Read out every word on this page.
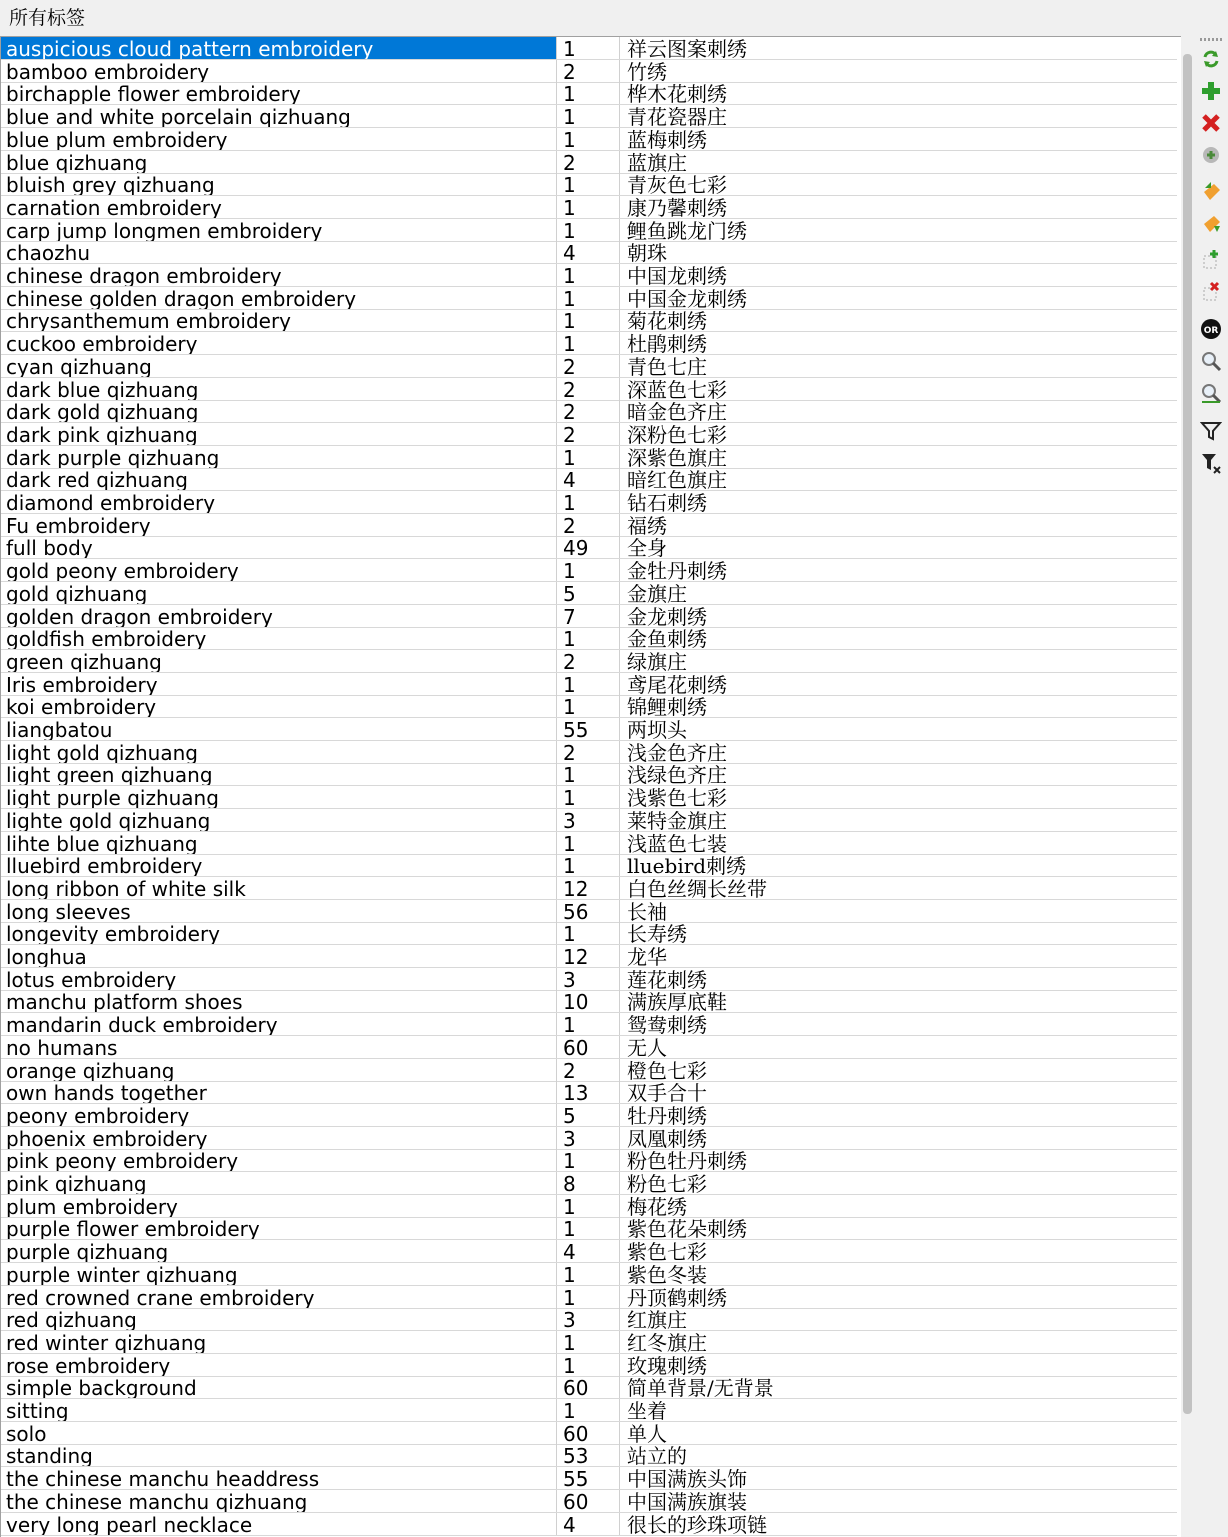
所有标签
auspicious cloud pattern embroidery	1	祥云图案刺绣
bamboo embroidery	2	竹绣
birchapple flower embroidery	1	桦木花刺绣
blue and white porcelain qizhuang	1	青花瓷器庄
blue plum embroidery	1	蓝梅刺绣
blue qizhuang	2	蓝旗庄
bluish grey qizhuang	1	青灰色七彩
carnation embroidery	1	康乃馨刺绣
carp jump longmen embroidery	1	鲤鱼跳龙门绣
chaozhu	4	朝珠
chinese dragon embroidery	1	中国龙刺绣
chinese golden dragon embroidery	1	中国金龙刺绣
chrysanthemum embroidery	1	菊花刺绣
cuckoo embroidery	1	杜鹃刺绣
cyan qizhuang	2	青色七庄
dark blue qizhuang	2	深蓝色七彩
dark gold qizhuang	2	暗金色齐庄
dark pink qizhuang	2	深粉色七彩
dark purple qizhuang	1	深紫色旗庄
dark red qizhuang	4	暗红色旗庄
diamond embroidery	1	钻石刺绣
Fu embroidery	2	福绣
full body	49	全身
gold peony embroidery	1	金牡丹刺绣
gold qizhuang	5	金旗庄
golden dragon embroidery	7	金龙刺绣
goldfish embroidery	1	金鱼刺绣
green qizhuang	2	绿旗庄
Iris embroidery	1	鸢尾花刺绣
koi embroidery	1	锦鲤刺绣
liangbatou	55	两坝头
light gold qizhuang	2	浅金色齐庄
light green qizhuang	1	浅绿色齐庄
light purple qizhuang	1	浅紫色七彩
lighte gold qizhuang	3	莱特金旗庄
lihte blue qizhuang	1	浅蓝色七装
lluebird embroidery	1	lluebird刺绣
long ribbon of white silk	12	白色丝绸长丝带
long sleeves	56	长袖
longevity embroidery	1	长寿绣
longhua	12	龙华
lotus embroidery	3	莲花刺绣
manchu platform shoes	10	满族厚底鞋
mandarin duck embroidery	1	鸳鸯刺绣
no humans	60	无人
orange qizhuang	2	橙色七彩
own hands together	13	双手合十
peony embroidery	5	牡丹刺绣
phoenix embroidery	3	凤凰刺绣
pink peony embroidery	1	粉色牡丹刺绣
pink qizhuang	8	粉色七彩
plum embroidery	1	梅花绣
purple flower embroidery	1	紫色花朵刺绣
purple qizhuang	4	紫色七彩
purple winter qizhuang	1	紫色冬装
red crowned crane embroidery	1	丹顶鹤刺绣
red qizhuang	3	红旗庄
red winter qizhuang	1	红冬旗庄
rose embroidery	1	玫瑰刺绣
simple background	60	简单背景/无背景
sitting	1	坐着
solo	60	单人
standing	53	站立的
the chinese manchu headdress	55	中国满族头饰
the chinese manchu qizhuang	60	中国满族旗装
very long pearl necklace	4	很长的珍珠项链
OR
